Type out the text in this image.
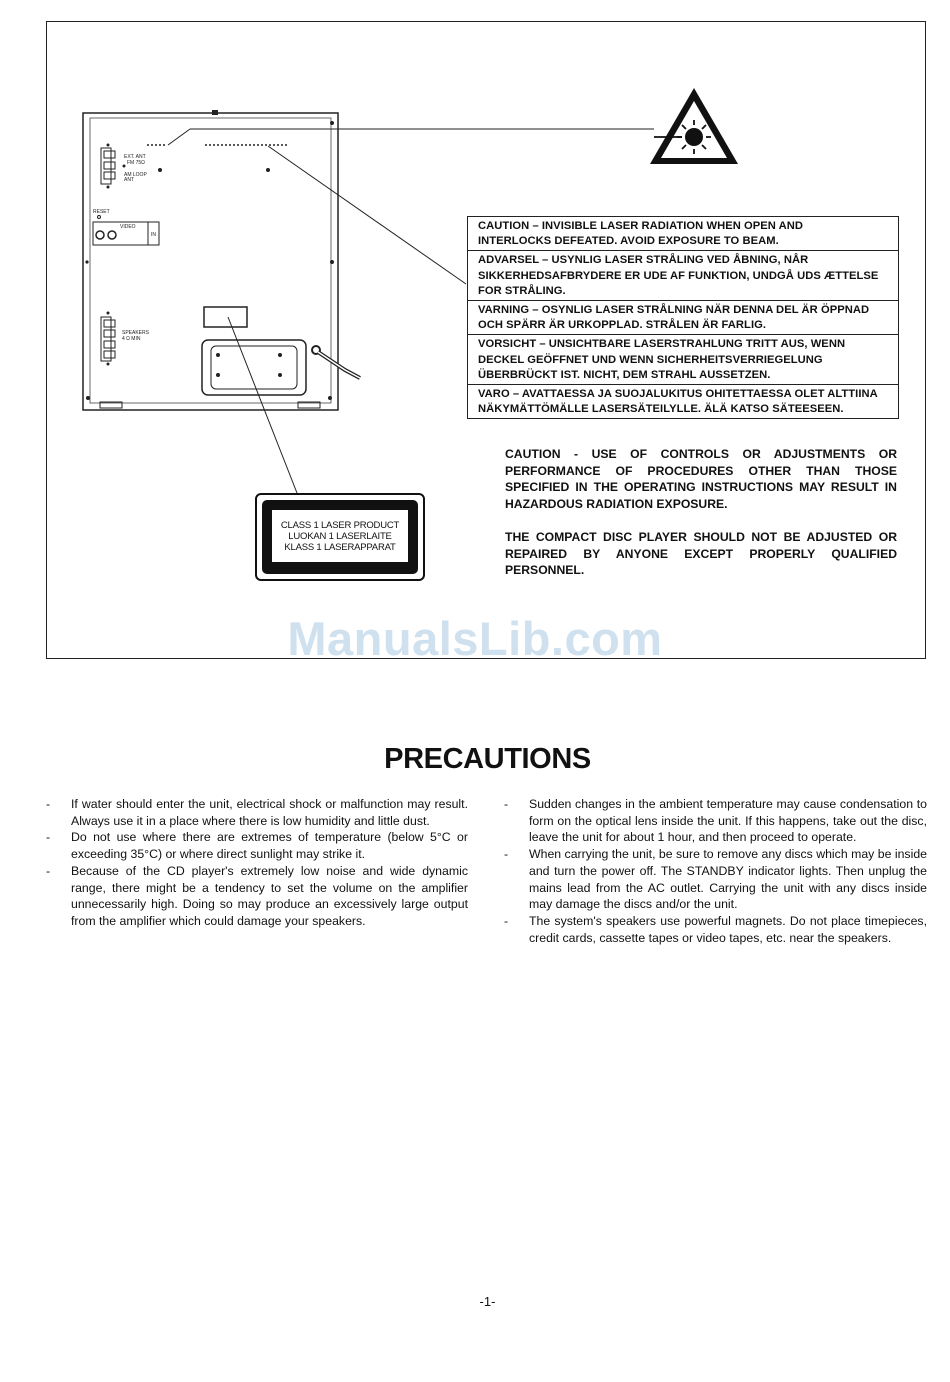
EXT. ANT
FM 75Ω
AM LOOP
ANT
RESET
VIDEO
IN
SPEAKERS
4 Ω MIN
CAUTION – INVISIBLE LASER RADIATION WHEN OPEN AND
INTERLOCKS DEFEATED. AVOID EXPOSURE TO BEAM.
ADVARSEL – USYNLIG LASER STRÅLING VED ÅBNING, NÅR
SIKKERHEDSAFBRYDERE ER UDE AF FUNKTION, UNDGÅ UDS ÆTTELSE
FOR STRÅLING.
VARNING – OSYNLIG LASER STRÅLNING NÄR DENNA DEL ÄR ÖPPNAD
OCH SPÄRR ÄR URKOPPLAD. STRÅLEN ÄR FARLIG.
VORSICHT – UNSICHTBARE LASERSTRAHLUNG TRITT AUS, WENN
DECKEL GEÖFFNET UND WENN SICHERHEITSVERRIEGELUNG
ÜBERBRÜCKT IST. NICHT, DEM STRAHL AUSSETZEN.
VARO – AVATTAESSA JA SUOJALUKITUS OHITETTAESSA OLET ALTTIINA
NÄKYMÄTTÖMÄLLE LASERSÄTEILYLLE. ÄLÄ KATSO SÄTEESEEN.

CAUTION - USE OF CONTROLS OR ADJUSTMENTS OR PERFORMANCE OF PROCEDURES OTHER THAN THOSE SPECIFIED IN THE OPERATING INSTRUCTIONS MAY RESULT IN HAZARDOUS RADIATION EXPOSURE.

THE COMPACT DISC PLAYER SHOULD NOT BE ADJUSTED OR REPAIRED BY ANYONE EXCEPT PROPERLY QUALIFIED PERSONNEL.

CLASS 1 LASER PRODUCT
LUOKAN 1 LASERLAITE
KLASS 1 LASERAPPARAT
ManualsLib.com
PRECAUTIONS
- If water should enter the unit, electrical shock or malfunction may result. Always use it in a place where there is low humidity and little dust.
- Do not use where there are extremes of temperature (below 5°C or exceeding 35°C) or where direct sunlight may strike it.
- Because of the CD player's extremely low noise and wide dynamic range, there might be a tendency to set the volume on the amplifier unnecessarily high. Doing so may produce an excessively large output from the amplifier which could damage your speakers.
- Sudden changes in the ambient temperature may cause condensation to form on the optical lens inside the unit. If this happens, take out the disc, leave the unit for about 1 hour, and then proceed to operate.
- When carrying the unit, be sure to remove any discs which may be inside and turn the power off. The STANDBY indicator lights. Then unplug the mains lead from the AC outlet. Carrying the unit with any discs inside may damage the discs and/or the unit.
- The system's speakers use powerful magnets. Do not place timepieces, credit cards, cassette tapes or video tapes, etc. near the speakers.
-1-
